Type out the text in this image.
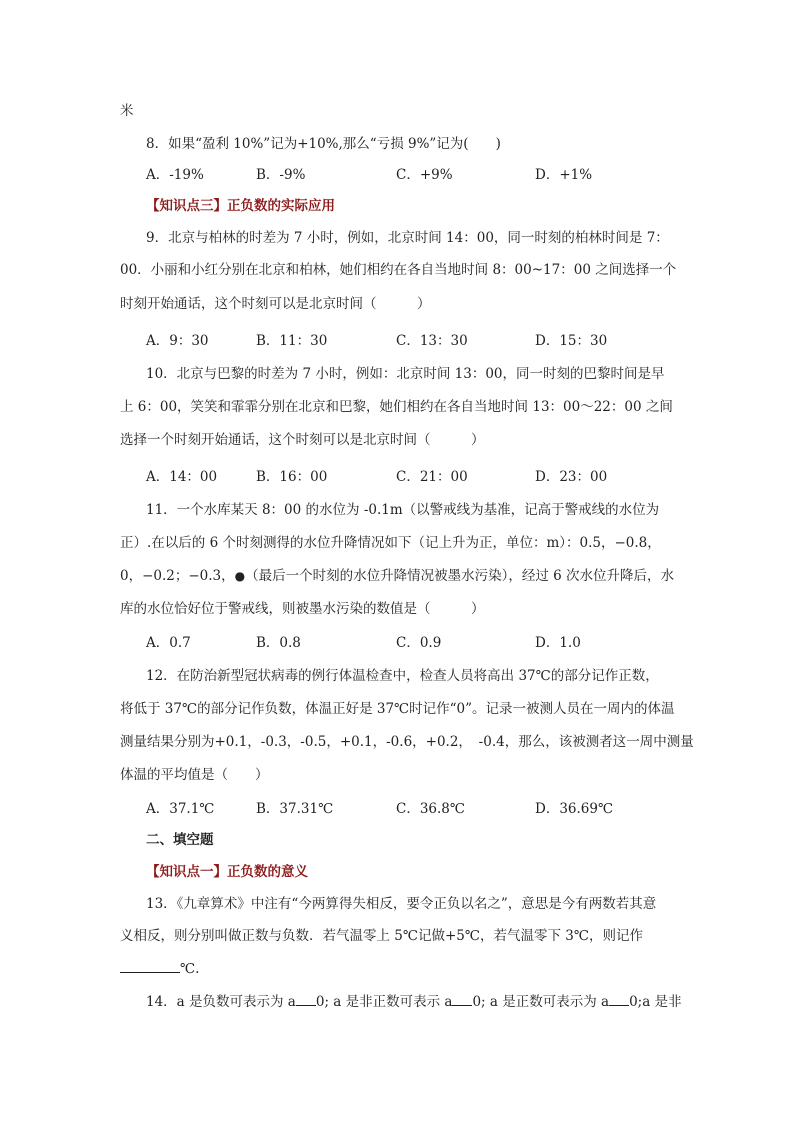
米
8．如果“盈利 10%”记为+10%,那么“亏损 9%”记为(　　)
A．-19%	B．-9%	C．+9%	D．+1%
【知识点三】正负数的实际应用
9．北京与柏林的时差为 7 小时，例如，北京时间 14：00，同一时刻的柏林时间是 7：
00．小丽和小红分别在北京和柏林，她们相约在各自当地时间 8：00~17：00 之间选择一个
时刻开始通话，这个时刻可以是北京时间（　　　）
A．9：30	B．11：30	C．13：30	D．15：30
10．北京与巴黎的时差为 7 小时，例如：北京时间 13：00，同一时刻的巴黎时间是早
上 6：00，笑笑和霏霏分别在北京和巴黎，她们相约在各自当地时间 13：00～22：00 之间
选择一个时刻开始通话，这个时刻可以是北京时间（　　　）
A．14：00	B．16：00	C．21：00	D．23：00
11．一个水库某天 8：00 的水位为 -0.1m（以警戒线为基准，记高于警戒线的水位为
正）.在以后的 6 个时刻测得的水位升降情况如下（记上升为正，单位：m）：0.5，−0.8，
0，−0.2；−0.3，●（最后一个时刻的水位升降情况被墨水污染），经过 6 次水位升降后，水
库的水位恰好位于警戒线，则被墨水污染的数值是（　　　）
A．0.7	B．0.8	C．0.9	D．1.0
12．在防治新型冠状病毒的例行体温检查中，检查人员将高出 37℃的部分记作正数，
将低于 37℃的部分记作负数，体温正好是 37℃时记作“0”。记录一被测人员在一周内的体温
测量结果分别为+0.1，-0.3，-0.5，+0.1，-0.6，+0.2，　-0.4，那么，该被测者这一周中测量
体温的平均值是（　　）
A．37.1℃	B．37.31℃	C．36.8℃	D．36.69℃
二、填空题
【知识点一】正负数的意义
13．《九章算术》中注有“今两算得失相反，要令正负以名之”，意思是今有两数若其意
义相反，则分别叫做正数与负数．若气温零上 5℃记做+5℃，若气温零下 3℃，则记作
℃.
14．a 是负数可表示为 a 0; a 是非正数可表示 a 0; a 是正数可表示为 a 0;a 是非
